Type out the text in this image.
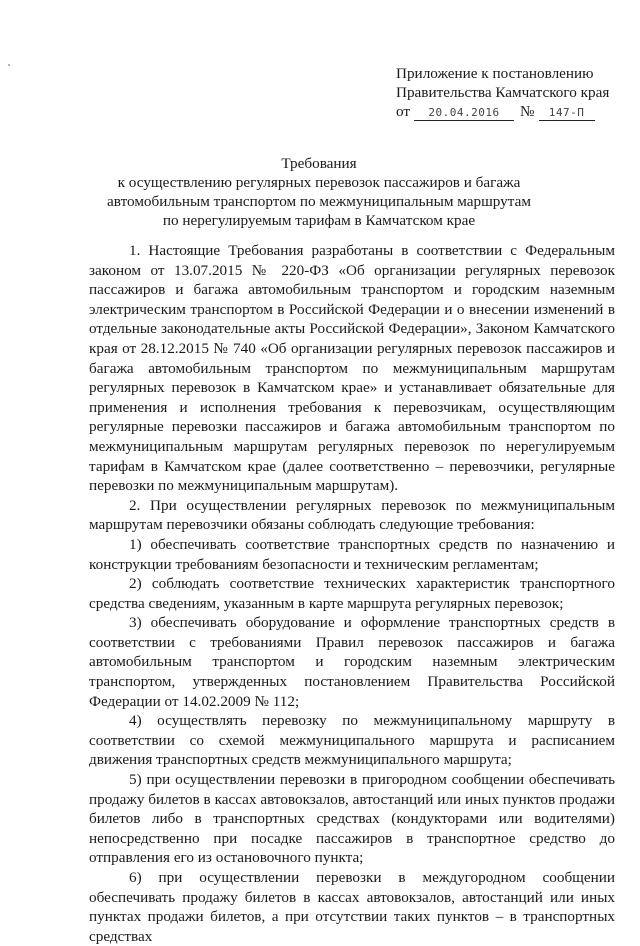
Приложение к постановлению
Правительства Камчатского края
от	20.04.2016	№	147-П
Требования
к осуществлению регулярных перевозок пассажиров и багажа
автомобильным транспортом по межмуниципальным маршрутам
по нерегулируемым тарифам в Камчатском крае

1. Настоящие Требования разработаны в соответствии с Федеральным законом от 13.07.2015 № 220-ФЗ «Об организации регулярных перевозок пассажиров и багажа автомобильным транспортом и городским наземным электрическим транспортом в Российской Федерации и о внесении изменений в отдельные законодательные акты Российской Федерации», Законом Камчатского края от 28.12.2015 № 740 «Об организации регулярных перевозок пассажиров и багажа автомобильным транспортом по межмуниципальным маршрутам регулярных перевозок в Камчатском крае» и устанавливает обязательные для применения и исполнения требования к перевозчикам, осуществляющим регулярные перевозки пассажиров и багажа автомобильным транспортом по межмуниципальным маршрутам регулярных перевозок по нерегулируемым тарифам в Камчатском крае (далее соответственно – перевозчики, регулярные перевозки по межмуниципальным маршрутам).

2. При осуществлении регулярных перевозок по межмуниципальным маршрутам перевозчики обязаны соблюдать следующие требования:

1) обеспечивать соответствие транспортных средств по назначению и конструкции требованиям безопасности и техническим регламентам;

2) соблюдать соответствие технических характеристик транспортного средства сведениям, указанным в карте маршрута регулярных перевозок;

3) обеспечивать оборудование и оформление транспортных средств в соответствии с требованиями Правил перевозок пассажиров и багажа автомобильным транспортом и городским наземным электрическим транспортом, утвержденных постановлением Правительства Российской Федерации от 14.02.2009 № 112;

4) осуществлять перевозку по межмуниципальному маршруту в соответствии со схемой межмуниципального маршрута и расписанием движения транспортных средств межмуниципального маршрута;

5) при осуществлении перевозки в пригородном сообщении обеспечивать продажу билетов в кассах автовокзалов, автостанций или иных пунктов продажи билетов либо в транспортных средствах (кондукторами или водителями) непосредственно при посадке пассажиров в транспортное средство до отправления его из остановочного пункта;

6) при осуществлении перевозки в междугородном сообщении обеспечивать продажу билетов в кассах автовокзалов, автостанций или иных пунктах продажи билетов, а при отсутствии таких пунктов – в транспортных средствах
